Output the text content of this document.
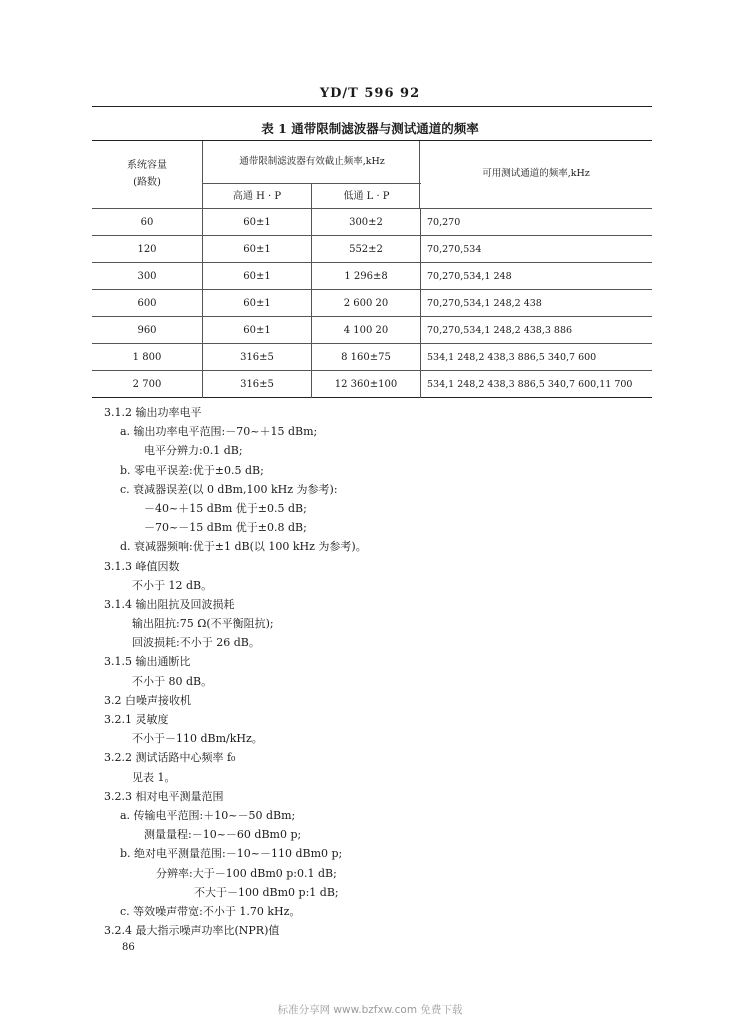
YD/T 596 92
表 1 通带限制滤波器与测试通道的频率
系统容量
(路数)
通带限制滤波器有效截止频率,kHz
高通 H · P	低通 L · P
可用测试通道的频率,kHz
60	60±1	300±2	70,270
120	60±1	552±2	70,270,534
300	60±1	1 296±8	70,270,534,1 248
600	60±1	2 600 20	70,270,534,1 248,2 438
960	60±1	4 100 20	70,270,534,1 248,2 438,3 886
1 800	316±5	8 160±75	534,1 248,2 438,3 886,5 340,7 600
2 700	316±5	12 360±100	534,1 248,2 438,3 886,5 340,7 600,11 700
3.1.2 输出功率电平
a. 输出功率电平范围:－70~＋15 dBm;
电平分辨力:0.1 dB;
b. 零电平误差:优于±0.5 dB;
c. 衰减器误差(以 0 dBm,100 kHz 为参考):
－40~＋15 dBm 优于±0.5 dB;
－70~－15 dBm 优于±0.8 dB;
d. 衰减器频响:优于±1 dB(以 100 kHz 为参考)。
3.1.3 峰值因数
不小于 12 dB。
3.1.4 输出阻抗及回波损耗
输出阻抗:75 Ω(不平衡阻抗);
回波损耗:不小于 26 dB。
3.1.5 输出通断比
不小于 80 dB。
3.2 白噪声接收机
3.2.1 灵敏度
不小于－110 dBm/kHz。
3.2.2 测试话路中心频率 f₀
见表 1。
3.2.3 相对电平测量范围
a. 传输电平范围:＋10~－50 dBm;
测量量程:－10~－60 dBm0 p;
b. 绝对电平测量范围:－10~－110 dBm0 p;
分辨率:大于－100 dBm0 p:0.1 dB;
不大于－100 dBm0 p:1 dB;
c. 等效噪声带宽:不小于 1.70 kHz。
3.2.4 最大指示噪声功率比(NPR)值
86
标准分享网 www.bzfxw.com 免费下载
